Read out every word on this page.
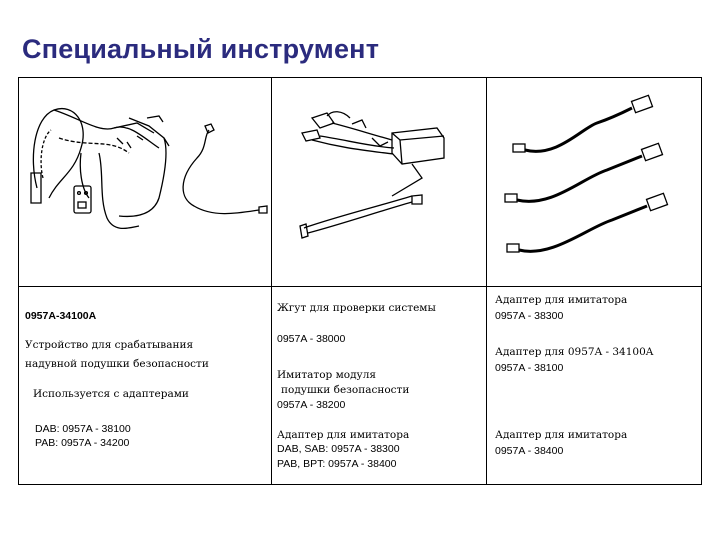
Специальный инструмент
0957A-34100A
Устройство для срабатывания
надувной подушки безопасности
Используется с адаптерами
DAB: 0957A - 38100
PAB: 0957A - 34200
Жгут для проверки системы
0957A - 38000
Имитатор модуля
подушки безопасности
0957A - 38200
Адаптер для имитатора
DAB, SAB: 0957A - 38300
PAB, BPT: 0957A - 38400
Адаптер для имитатора
0957A - 38300
Адаптер для 0957A - 34100A
0957A - 38100
Адаптер для имитатора
0957A - 38400
